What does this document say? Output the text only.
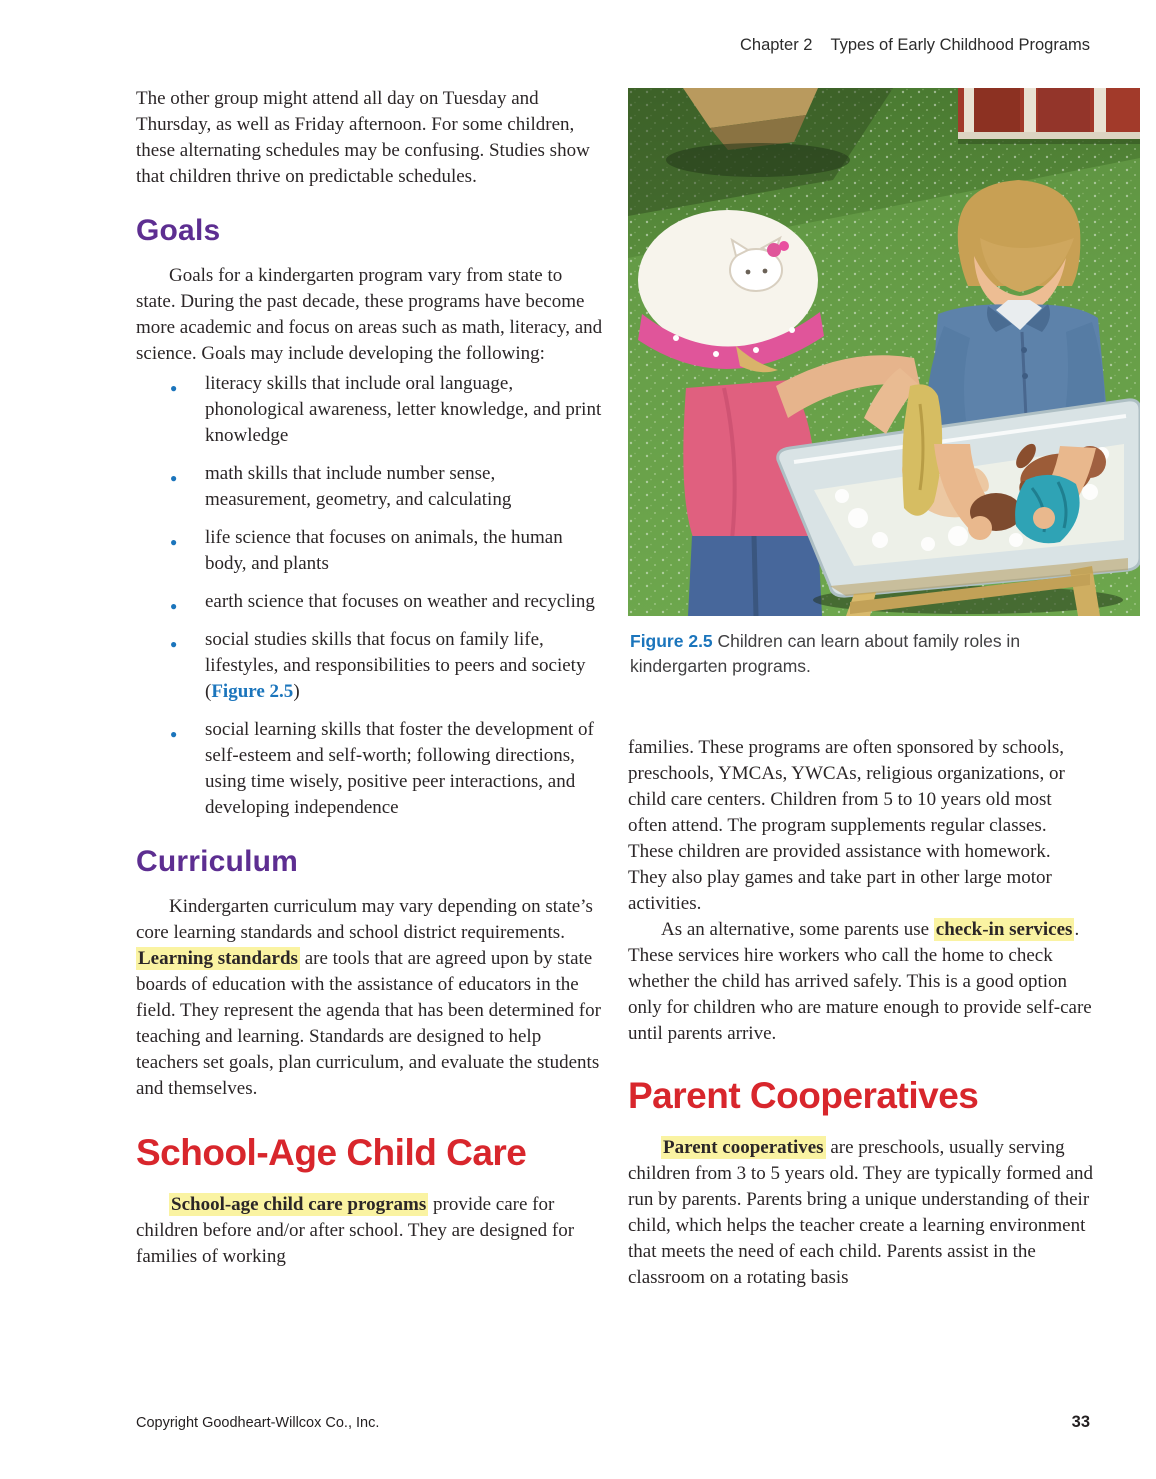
Chapter 2 Types of Early Childhood Programs

The other group might attend all day on Tuesday and Thursday, as well as Friday afternoon. For some children, these alternating schedules may be confusing. Studies show that children thrive on predictable schedules.

Goals

Goals for a kindergarten program vary from state to state. During the past decade, these programs have become more academic and focus on areas such as math, literacy, and science. Goals may include developing the following:

● literacy skills that include oral language, phonological awareness, letter knowledge, and print knowledge
● math skills that include number sense, measurement, geometry, and calculating
● life science that focuses on animals, the human body, and plants
● earth science that focuses on weather and recycling
● social studies skills that focus on family life, lifestyles, and responsibilities to peers and society (Figure 2.5)
● social learning skills that foster the development of self-esteem and self-worth; following directions, using time wisely, positive peer interactions, and developing independence
Curriculum

Kindergarten curriculum may vary depending on state’s core learning standards and school district requirements. Learning standards are tools that are agreed upon by state boards of education with the assistance of educators in the field. They represent the agenda that has been determined for teaching and learning. Standards are designed to help teachers set goals, plan curriculum, and evaluate the students and themselves.

School-Age Child Care

School-age child care programs provide care for children before and/or after school. They are designed for families of working

Figure 2.5 Children can learn about family roles in kindergarten programs.

families. These programs are often sponsored by schools, preschools, YMCAs, YWCAs, religious organizations, or child care centers. Children from 5 to 10 years old most often attend. The program supplements regular classes. These children are provided assistance with homework. They also play games and take part in other large motor activities.

As an alternative, some parents use check-in services . These services hire workers who call the home to check whether the child has arrived safely. This is a good option only for children who are mature enough to provide self-care until parents arrive.

Parent Cooperatives

Parent cooperatives are preschools, usually serving children from 3 to 5 years old. They are typically formed and run by parents. Parents bring a unique understanding of their child, which helps the teacher create a learning environment that meets the need of each child. Parents assist in the classroom on a rotating basis

Copyright Goodheart-Willcox Co., Inc.	33
